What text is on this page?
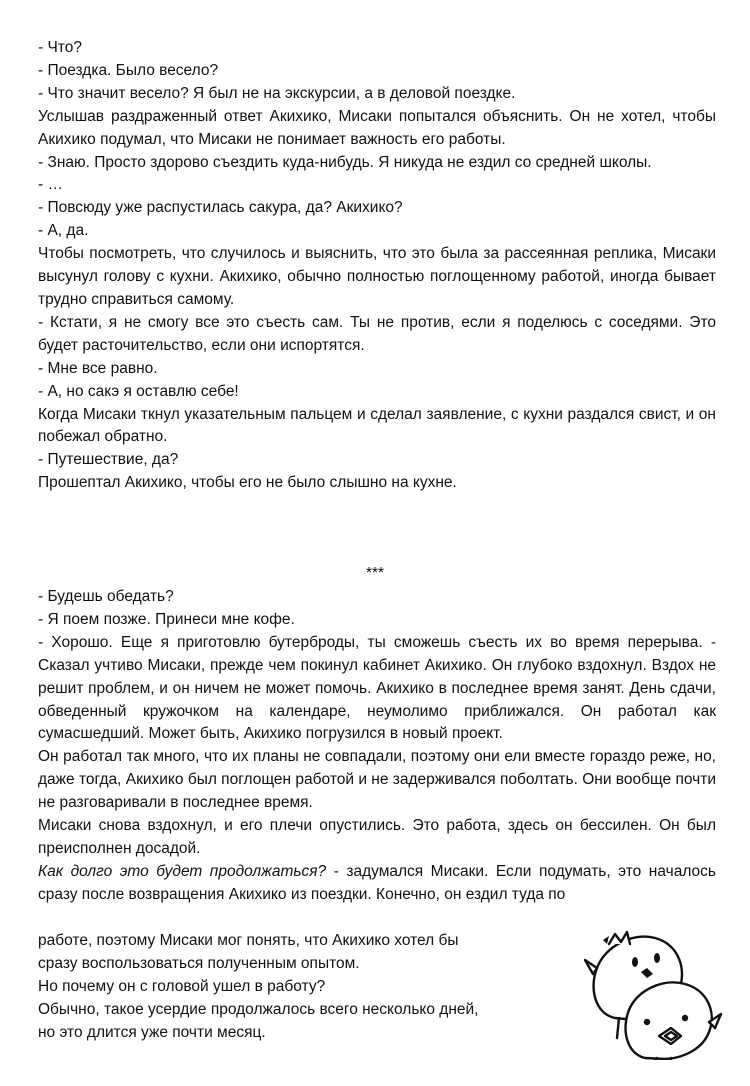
- Что?

- Поездка. Было весело?

- Что значит весело? Я был не на экскурсии, а в деловой поездке.

Услышав раздраженный ответ Акихико, Мисаки попытался объяснить. Он не хотел, чтобы Акихико подумал, что Мисаки не понимает важность его работы.

- Знаю. Просто здорово съездить куда-нибудь. Я никуда не ездил со средней школы.

- …

- Повсюду уже распустилась сакура, да? Акихико?

- А, да.

Чтобы посмотреть, что случилось и выяснить, что это была за рассеянная реплика, Мисаки высунул голову с кухни. Акихико, обычно полностью поглощенному работой, иногда бывает трудно справиться самому.

- Кстати, я не смогу все это съесть сам. Ты не против, если я поделюсь с соседями. Это будет расточительство, если они испортятся.

- Мне все равно.

- А, но сакэ я оставлю себе!

Когда Мисаки ткнул указательным пальцем и сделал заявление, с кухни раздался свист, и он побежал обратно.

- Путешествие, да?

Прошептал Акихико, чтобы его не было слышно на кухне.

***

- Будешь обедать?

- Я поем позже. Принеси мне кофе.

- Хорошо. Еще я приготовлю бутерброды, ты сможешь съесть их во время перерыва. - Сказал учтиво Мисаки, прежде чем покинул кабинет Акихико. Он глубоко вздохнул. Вздох не решит проблем, и он ничем не может помочь. Акихико в последнее время занят. День сдачи, обведенный кружочком на календаре, неумолимо приближался. Он работал как сумасшедший. Может быть, Акихико погрузился в новый проект.

Он работал так много, что их планы не совпадали, поэтому они ели вместе гораздо реже, но, даже тогда, Акихико был поглощен работой и не задерживался поболтать. Они вообще почти не разговаривали в последнее время.

Мисаки снова вздохнул, и его плечи опустились. Это работа, здесь он бессилен. Он был преисполнен досадой.

Как долго это будет продолжаться? - задумался Мисаки. Если подумать, это началось сразу после возвращения Акихико из поездки. Конечно, он ездил туда по

работе, поэтому Мисаки мог понять, что Акихико хотел бы

сразу воспользоваться полученным опытом.

Но почему он с головой ушел в работу?

Обычно, такое усердие продолжалось всего несколько дней,

но это длится уже почти месяц.
